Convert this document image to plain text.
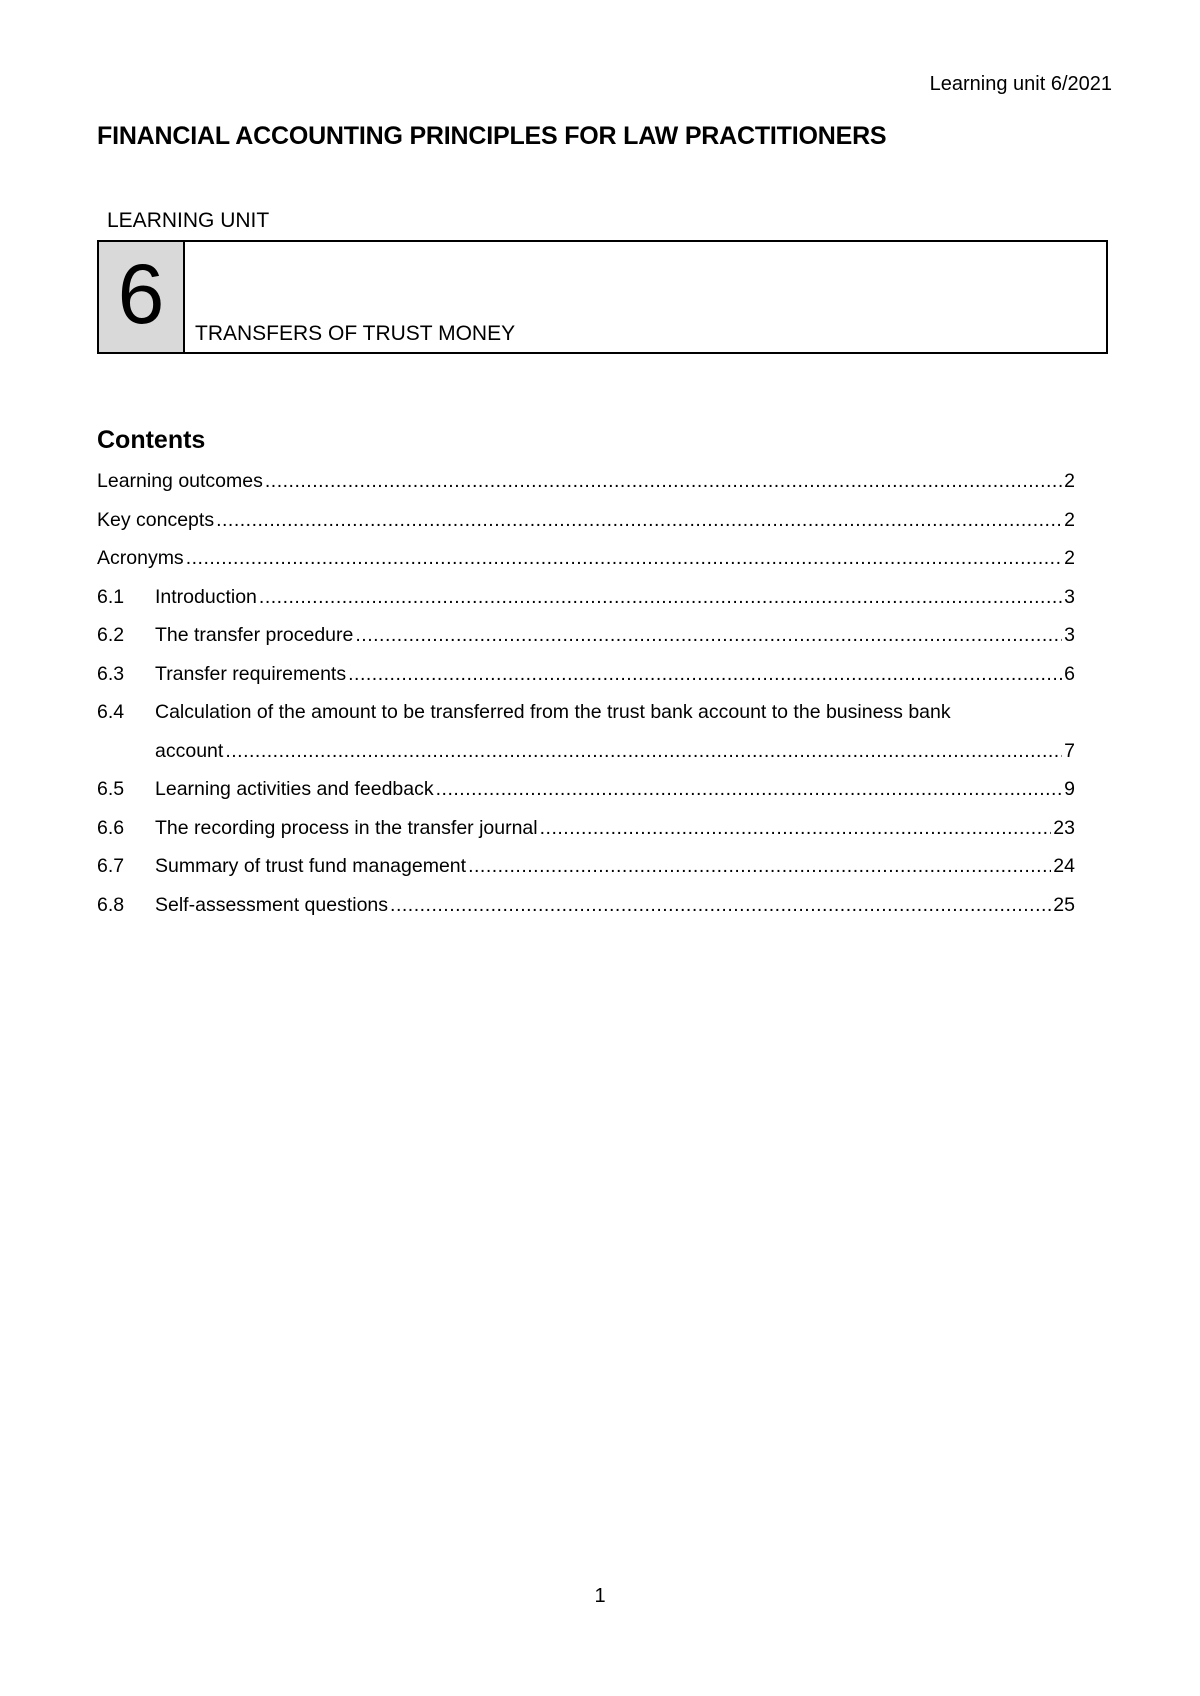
Learning unit 6/2021
FINANCIAL ACCOUNTING PRINCIPLES FOR LAW PRACTITIONERS
LEARNING UNIT
6 TRANSFERS OF TRUST MONEY
Contents
Learning outcomes .....	2
Key concepts .....	2
Acronyms .....	2
6.1	Introduction .....	3
6.2	The transfer procedure .....	3
6.3	Transfer requirements .....	6
6.4	Calculation of the amount to be transferred from the trust bank account to the business bank
account .....	7
6.5	Learning activities and feedback .....	9
6.6	The recording process in the transfer journal .....	23
6.7	Summary of trust fund management .....	24
6.8	Self-assessment questions .....	25
1
